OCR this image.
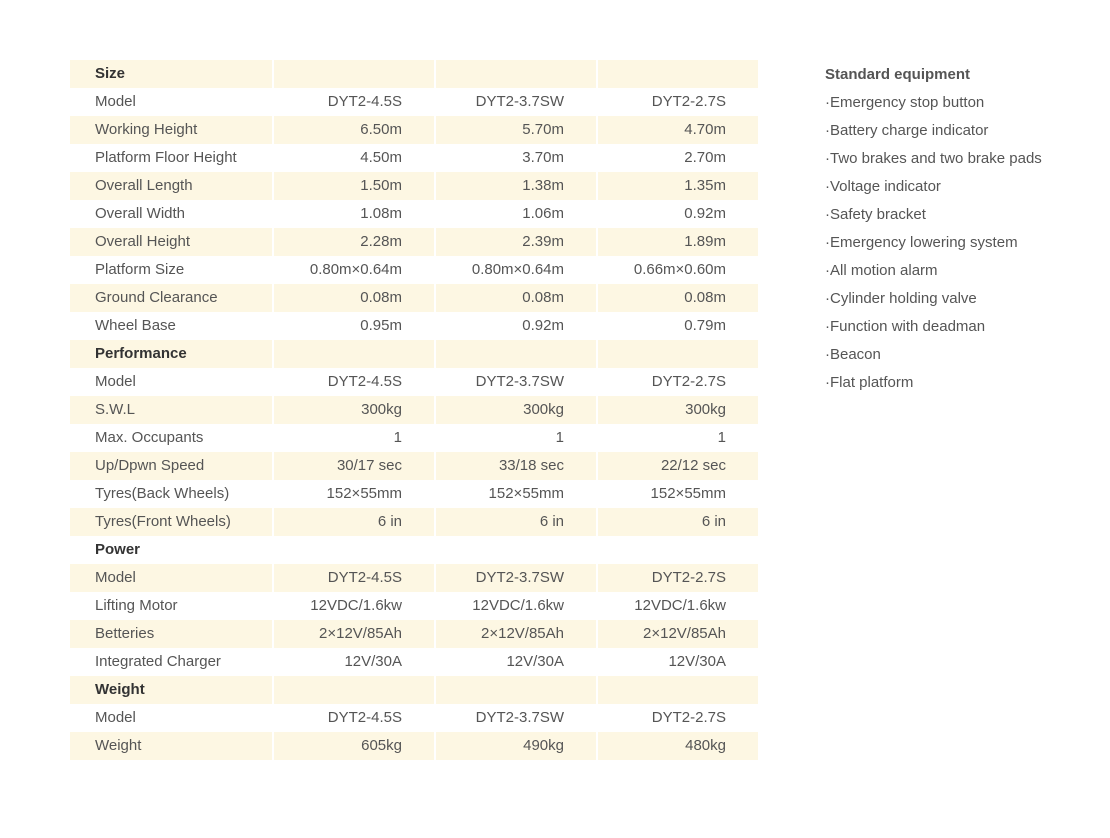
Size			
Model	DYT2-4.5S	DYT2-3.7SW	DYT2-2.7S
Working Height	6.50m	5.70m	4.70m
Platform Floor Height	4.50m	3.70m	2.70m
Overall Length	1.50m	1.38m	1.35m
Overall Width	1.08m	1.06m	0.92m
Overall Height	2.28m	2.39m	1.89m
Platform Size	0.80m×0.64m	0.80m×0.64m	0.66m×0.60m
Ground Clearance	0.08m	0.08m	0.08m
Wheel Base	0.95m	0.92m	0.79m
Performance			
Model	DYT2-4.5S	DYT2-3.7SW	DYT2-2.7S
S.W.L	300kg	300kg	300kg
Max. Occupants	1	1	1
Up/Dpwn Speed	30/17 sec	33/18 sec	22/12 sec
Tyres(Back Wheels)	152×55mm	152×55mm	152×55mm
Tyres(Front Wheels)	6 in	6 in	6 in
Power			
Model	DYT2-4.5S	DYT2-3.7SW	DYT2-2.7S
Lifting Motor	12VDC/1.6kw	12VDC/1.6kw	12VDC/1.6kw
Betteries	2×12V/85Ah	2×12V/85Ah	2×12V/85Ah
Integrated Charger	12V/30A	12V/30A	12V/30A
Weight			
Model	DYT2-4.5S	DYT2-3.7SW	DYT2-2.7S
Weight	605kg	490kg	480kg
Standard equipment
·Emergency stop button
·Battery charge indicator
·Two brakes and two brake pads
·Voltage indicator
·Safety bracket
·Emergency lowering system
·All motion alarm
·Cylinder holding valve
·Function with deadman
·Beacon
·Flat platform
